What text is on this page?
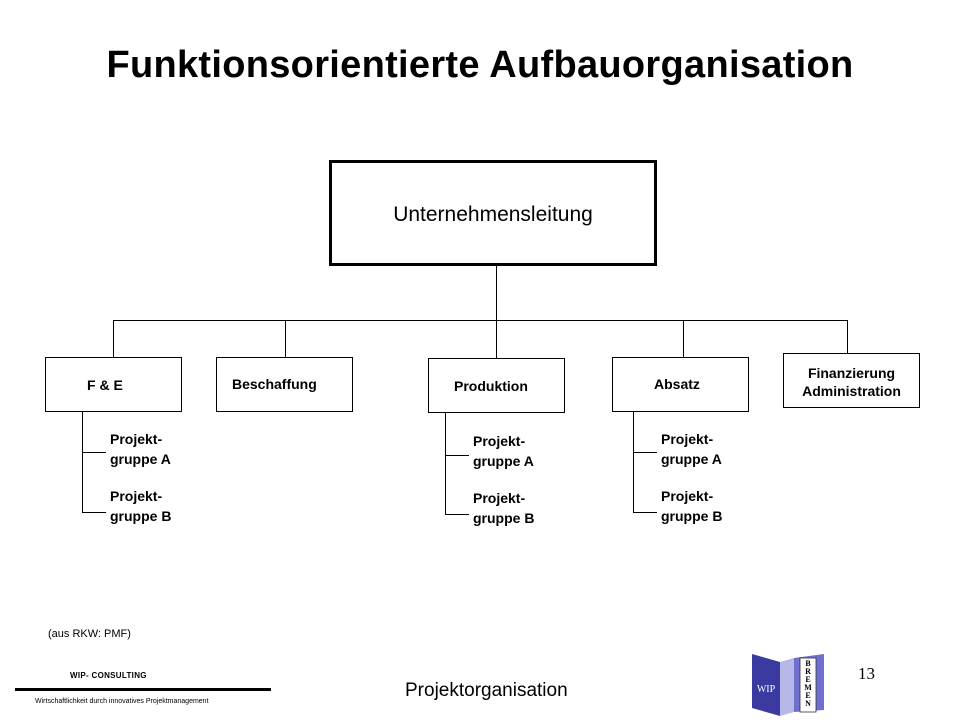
Funktionsorientierte Aufbauorganisation
Unternehmensleitung
F & E	Beschaffung	Produktion	Absatz
Finanzierung
Administration
Projekt-
gruppe A
Projekt-
gruppe B
Projekt-
gruppe A
Projekt-
gruppe B
Projekt-
gruppe A
Projekt-
gruppe B
(aus RKW: PMF)
WIP- CONSULTING
Wirtschaftlichkeit durch innovatives Projektmanagement
Projektorganisation
13
WIP
B
R
E
M
E
N
